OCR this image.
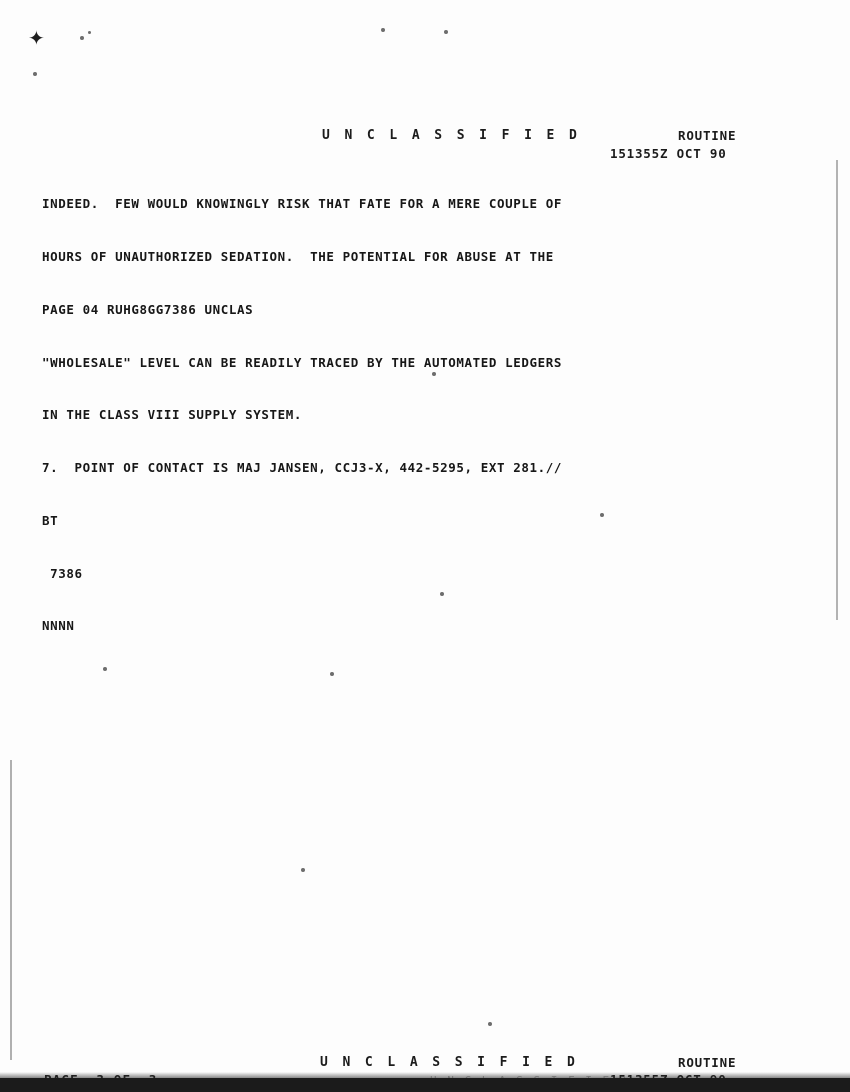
✦
U N C L A S S I F I E D	ROUTINE
151355Z OCT 90

INDEED.  FEW WOULD KNOWINGLY RISK THAT FATE FOR A MERE COUPLE OF

HOURS OF UNAUTHORIZED SEDATION.  THE POTENTIAL FOR ABUSE AT THE

PAGE 04 RUHG8GG7386 UNCLAS

"WHOLESALE" LEVEL CAN BE READILY TRACED BY THE AUTOMATED LEDGERS

IN THE CLASS VIII SUPPLY SYSTEM.

7.  POINT OF CONTACT IS MAJ JANSEN, CCJ3-X, 442-5295, EXT 281.//

BT

7386

NNNN

U N C L A S S I F I E D	ROUTINE
